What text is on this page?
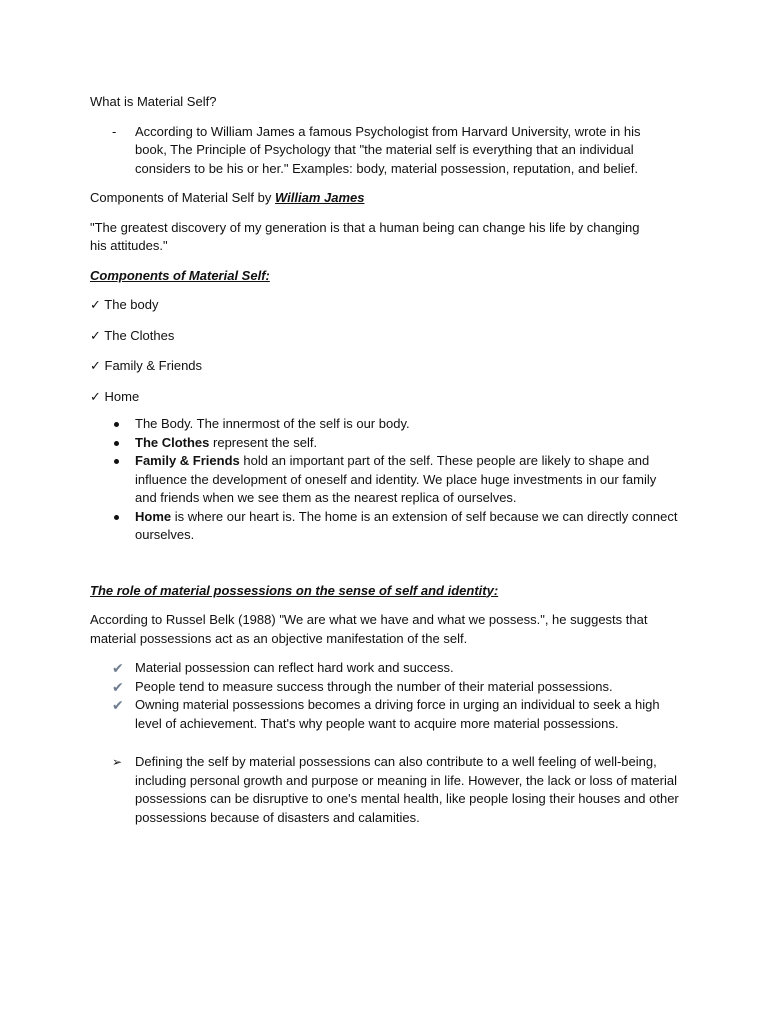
What is Material Self?

- According to William James a famous Psychologist from Harvard University, wrote in his book, The Principle of Psychology that "the material self is everything that an individual considers to be his or her." Examples: body, material possession, reputation, and belief.

Components of Material Self by William James

"The greatest discovery of my generation is that a human being can change his life by changing his attitudes."

Components of Material Self:

✓ The body

✓ The Clothes

✓ Family & Friends

✓ Home

The Body. The innermost of the self is our body.
The Clothes represent the self.
Family & Friends hold an important part of the self. These people are likely to shape and influence the development of oneself and identity. We place huge investments in our family and friends when we see them as the nearest replica of ourselves.
Home is where our heart is. The home is an extension of self because we can directly connect ourselves.

The role of material possessions on the sense of self and identity:

According to Russel Belk (1988) "We are what we have and what we possess.", he suggests that material possessions act as an objective manifestation of the self.

✔ Material possession can reflect hard work and success.
✔ People tend to measure success through the number of their material possessions.
✔ Owning material possessions becomes a driving force in urging an individual to seek a high level of achievement. That's why people want to acquire more material possessions.
➢ Defining the self by material possessions can also contribute to a well feeling of well-being, including personal growth and purpose or meaning in life. However, the lack or loss of material possessions can be disruptive to one's mental health, like people losing their houses and other possessions because of disasters and calamities.
